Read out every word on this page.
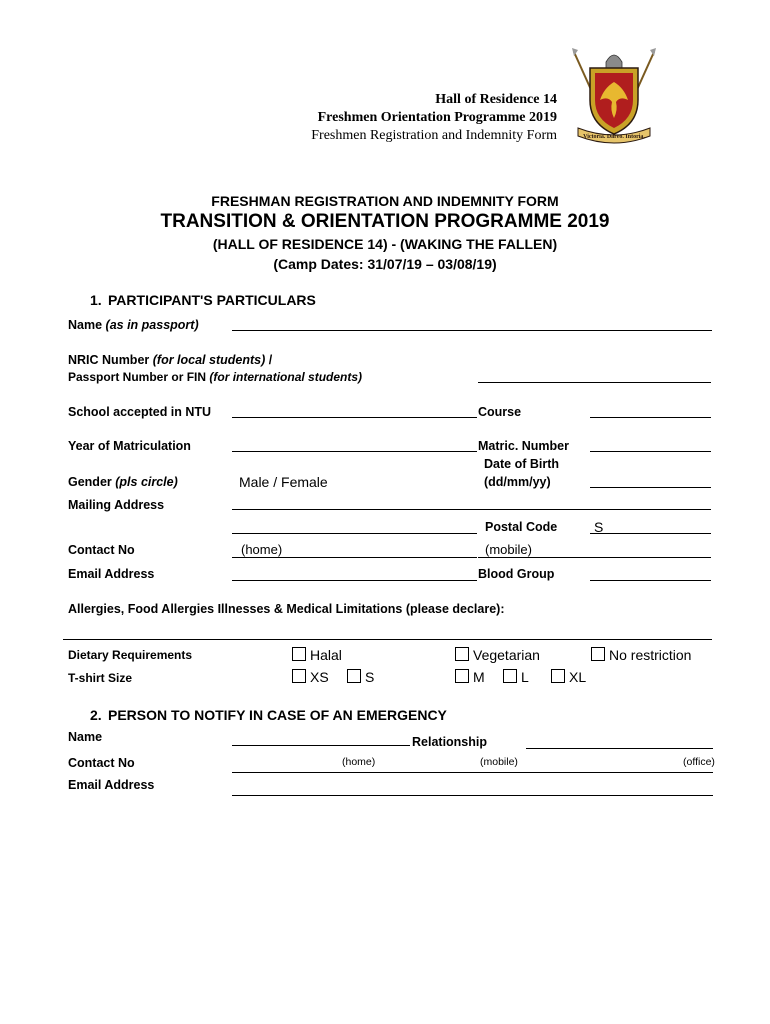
Hall of Residence 14
Freshmen Orientation Programme 2019
Freshmen Registration and Indemnity Form	Victoria. Dareo. Intoria.
FRESHMAN REGISTRATION AND INDEMNITY FORM
TRANSITION & ORIENTATION PROGRAMME 2019
(HALL OF RESIDENCE 14) - (WAKING THE FALLEN)
(Camp Dates: 31/07/19 – 03/08/19)
1. PARTICIPANT'S PARTICULARS
Name (as in passport)
NRIC Number (for local students) /
Passport Number or FIN (for international students)
School accepted in NTU	Course
Year of Matriculation	Matric. Number
Gender (pls circle)	Male / Female
Date of Birth
(dd/mm/yy)
Mailing Address
Postal Code	S
Contact No	(home)	(mobile)
Email Address	Blood Group
Allergies, Food Allergies Illnesses & Medical Limitations (please declare):
Dietary Requirements	Halal	Vegetarian	No restriction
T-shirt Size	XS	S	M	L	XL
2. PERSON TO NOTIFY IN CASE OF AN EMERGENCY
Name	Relationship
Contact No	(home)	(mobile)	(office)
Email Address
